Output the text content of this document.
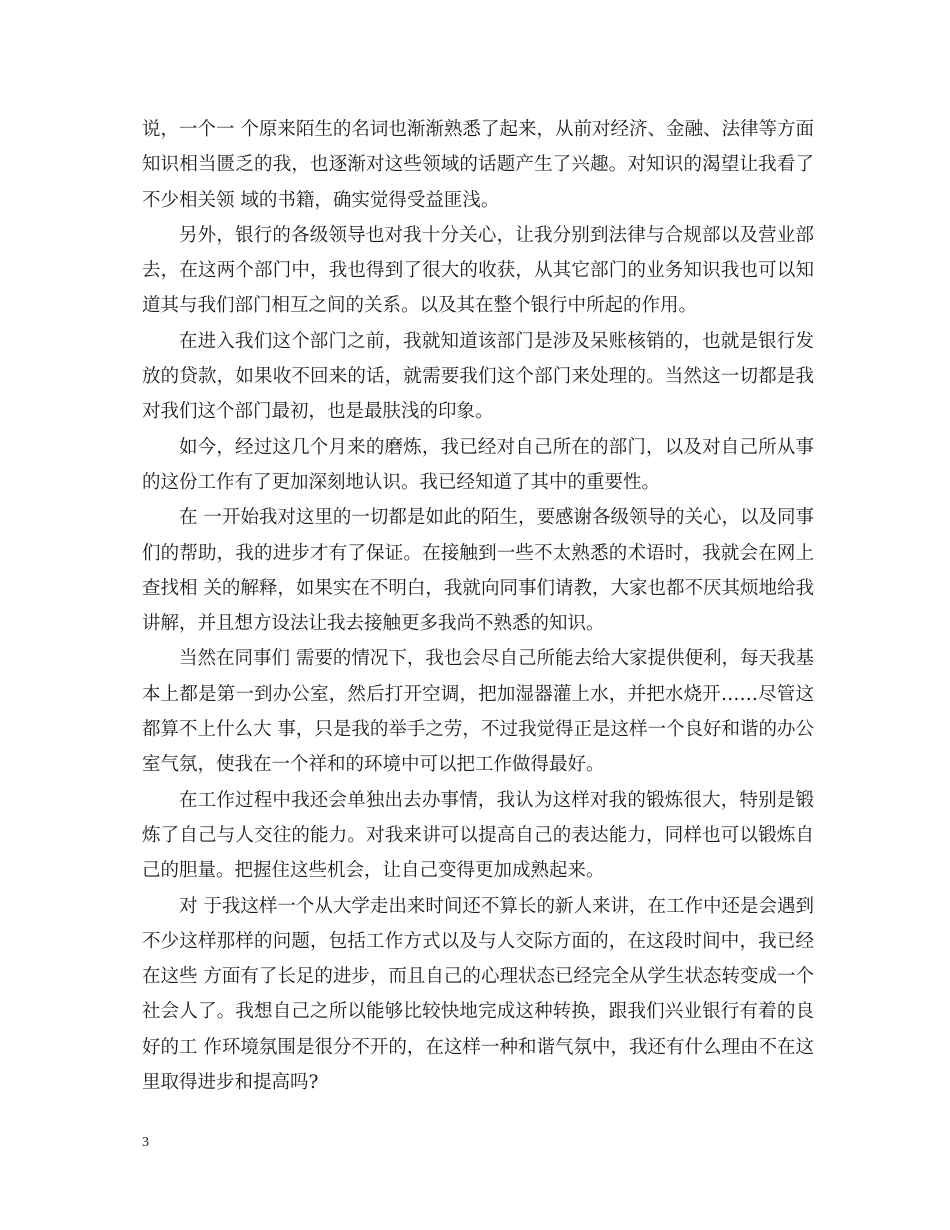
说，一个一 个原来陌生的名词也渐渐熟悉了起来，从前对经济、金融、法律等方面知识相当匮乏的我，也逐渐对这些领域的话题产生了兴趣。对知识的渴望让我看了不少相关领 域的书籍，确实觉得受益匪浅。

另外，银行的各级领导也对我十分关心，让我分别到法律与合规部以及营业部去，在这两个部门中，我也得到了很大的收获，从其它部门的业务知识我也可以知道其与我们部门相互之间的关系。以及其在整个银行中所起的作用。

在进入我们这个部门之前，我就知道该部门是涉及呆账核销的，也就是银行发放的贷款，如果收不回来的话，就需要我们这个部门来处理的。当然这一切都是我对我们这个部门最初，也是最肤浅的印象。

如今，经过这几个月来的磨炼，我已经对自己所在的部门，以及对自己所从事的这份工作有了更加深刻地认识。我已经知道了其中的重要性。

在 一开始我对这里的一切都是如此的陌生，要感谢各级领导的关心，以及同事们的帮助，我的进步才有了保证。在接触到一些不太熟悉的术语时，我就会在网上查找相 关的解释，如果实在不明白，我就向同事们请教，大家也都不厌其烦地给我讲解，并且想方设法让我去接触更多我尚不熟悉的知识。

当然在同事们 需要的情况下，我也会尽自己所能去给大家提供便利，每天我基本上都是第一到办公室，然后打开空调，把加湿器灌上水，并把水烧开……尽管这都算不上什么大 事，只是我的举手之劳，不过我觉得正是这样一个良好和谐的办公室气氛，使我在一个祥和的环境中可以把工作做得最好。

在工作过程中我还会单独出去办事情，我认为这样对我的锻炼很大，特别是锻炼了自己与人交往的能力。对我来讲可以提高自己的表达能力，同样也可以锻炼自己的胆量。把握住这些机会，让自己变得更加成熟起来。

对 于我这样一个从大学走出来时间还不算长的新人来讲，在工作中还是会遇到不少这样那样的问题，包括工作方式以及与人交际方面的，在这段时间中，我已经在这些 方面有了长足的进步，而且自己的心理状态已经完全从学生状态转变成一个社会人了。我想自己之所以能够比较快地完成这种转换，跟我们兴业银行有着的良好的工 作环境氛围是很分不开的，在这样一种和谐气氛中，我还有什么理由不在这里取得进步和提高吗?

3
